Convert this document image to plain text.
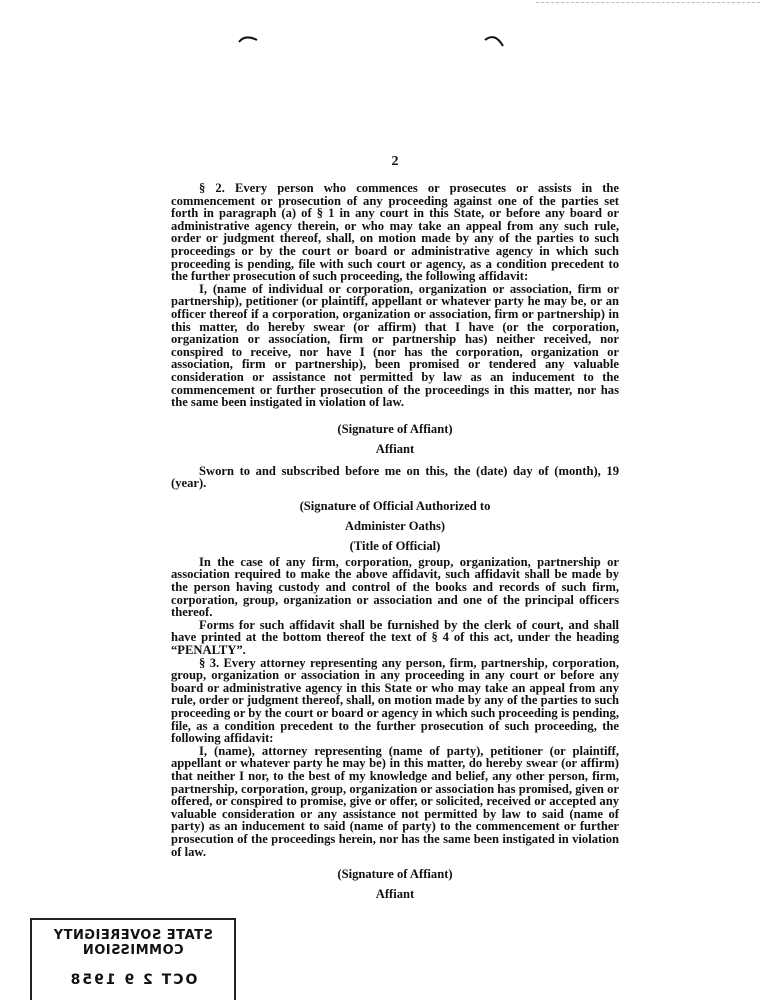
2

§ 2. Every person who commences or prosecutes or assists in the commencement or prosecution of any proceeding against one of the parties set forth in paragraph (a) of § 1 in any court in this State, or before any board or administrative agency therein, or who may take an appeal from any such rule, order or judgment thereof, shall, on motion made by any of the parties to such proceedings or by the court or board or administrative agency in which such proceeding is pending, file with such court or agency, as a condition precedent to the further prosecution of such proceeding, the following affidavit:

I, (name of individual or corporation, organization or association, firm or partnership), petitioner (or plaintiff, appellant or whatever party he may be, or an officer thereof if a corporation, organization or association, firm or partnership) in this matter, do hereby swear (or affirm) that I have (or the corporation, organization or association, firm or partnership has) neither received, nor conspired to receive, nor have I (nor has the corporation, organization or association, firm or partnership), been promised or tendered any valuable consideration or assistance not permitted by law as an inducement to the commencement or further prosecution of the proceedings in this matter, nor has the same been instigated in violation of law.

(Signature of Affiant)

Affiant

Sworn to and subscribed before me on this, the (date) day of (month), 19 (year).

(Signature of Official Authorized to

Administer Oaths)

(Title of Official)

In the case of any firm, corporation, group, organization, partnership or association required to make the above affidavit, such affidavit shall be made by the person having custody and control of the books and records of such firm, corporation, group, organization or association and one of the principal officers thereof.

Forms for such affidavit shall be furnished by the clerk of court, and shall have printed at the bottom thereof the text of § 4 of this act, under the heading “PENALTY”.

§ 3. Every attorney representing any person, firm, partnership, corporation, group, organization or association in any proceeding in any court or before any board or administrative agency in this State or who may take an appeal from any rule, order or judgment thereof, shall, on motion made by any of the parties to such proceeding or by the court or board or agency in which such proceeding is pending, file, as a condition precedent to the further prosecution of such proceeding, the following affidavit:

I, (name), attorney representing (name of party), petitioner (or plaintiff, appellant or whatever party he may be) in this matter, do hereby swear (or affirm) that neither I nor, to the best of my knowledge and belief, any other person, firm, partnership, corporation, group, organization or association has promised, given or offered, or conspired to promise, give or offer, or solicited, received or accepted any valuable consideration or any assistance not permitted by law to said (name of party) as an inducement to said (name of party) to the commencement or further prosecution of the proceedings herein, nor has the same been instigated in violation of law.

(Signature of Affiant)

Affiant

STATE SOVEREIGNTY COMMISSION
OCT 2 9 1958
